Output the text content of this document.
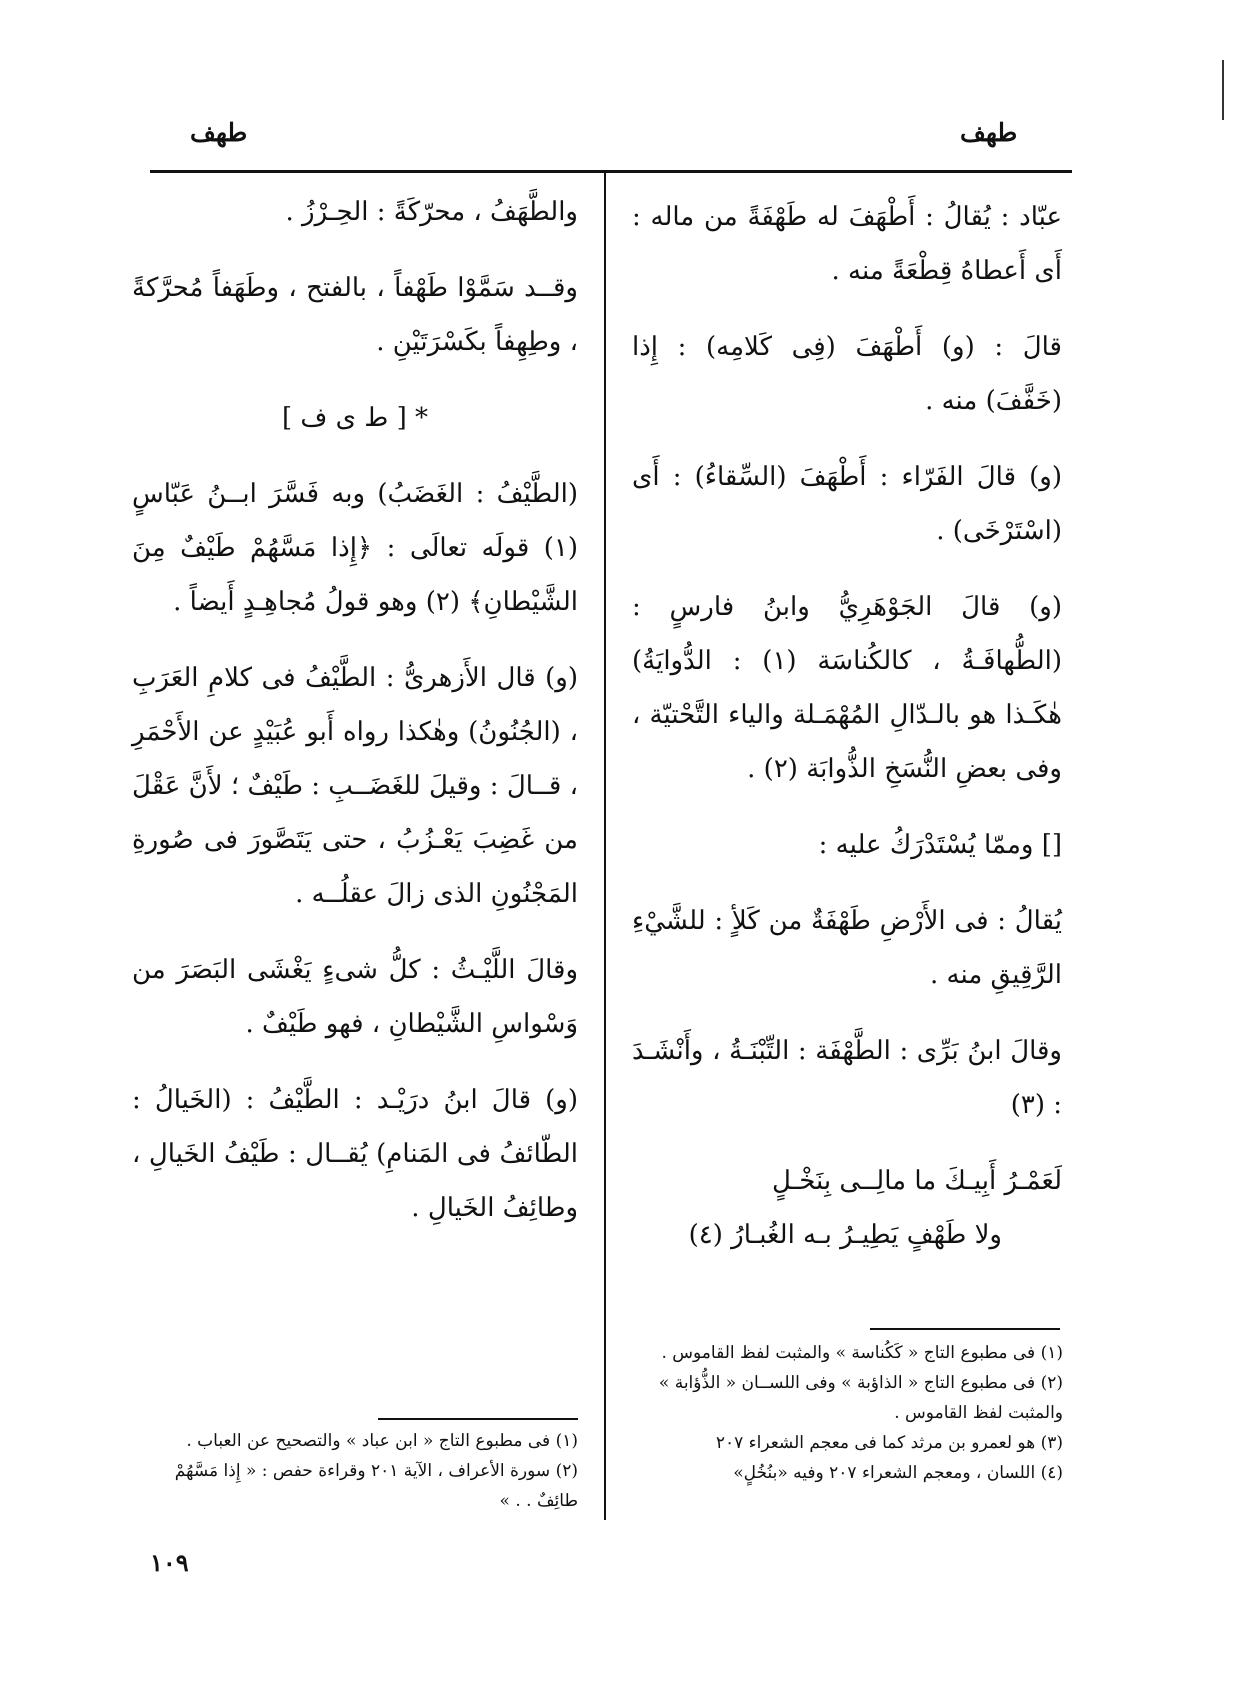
طهف
طهف

عبّاد : يُقالُ : أَطْهَفَ له طَهْفَةً من ماله : أَى أَعطاهُ قِطْعَةً منه .

قالَ : (و) أَطْهَفَ (فِى كَلامِه) : إِذا (خَفَّفَ) منه .

(و) قالَ الفَرّاء : أَطْهَفَ (السِّقاءُ) : أَى (اسْتَرْخَى) .

(و) قالَ الجَوْهَرِيُّ وابنُ فارسٍ : (الطُّهافَـةُ ، كالكُناسَة (١) : الدُّوايَةُ) هٰكَـذا هو بالـدّالِ المُهْمَـلة والياء التَّحْتيّة ، وفى بعضِ النُّسَخِ الذُّوابَة (٢) .

[] وممّا يُسْتَدْرَكُ عليه :

يُقالُ : فى الأَرْضِ طَهْفَةٌ من كَلأٍ : للشَّيْءِ الرَّقِيقِ منه .

وقالَ ابنُ بَرِّى : الطَّهْفَة : التِّبْنَـةُ ، وأَنْشَـدَ : (٣)

لَعَمْـرُ أَبِيـكَ ما مالِــى بِنَخْـلٍ
ولا طَهْفٍ يَطِيـرُ بـه الغُبـارُ (٤)
(١) فى مطبوع التاج « كَكُناسة » والمثبت لفظ القاموس .
(٢) فى مطبوع التاج « الذاؤبة » وفى اللســان « الذُّؤابة » والمثبت لفظ القاموس .
(٣) هو لعمرو بن مرثد كما فى معجم الشعراء ٢٠٧
(٤) اللسان ، ومعجم الشعراء ٢٠٧ وفيه «بنُخُلٍ»

والطَّهَفُ ، محرّكَةً : الحِـرْزُ .

وقــد سَمَّوْا طَهْفاً ، بالفتح ، وطَهَفاً مُحرَّكةً ، وطِهِفاً بكَسْرَتَيْنِ .

* [ ط ى ف ]

(الطَّيْفُ : الغَضَبُ) وبه فَسَّرَ ابــنُ عَبّاسٍ (١) قولَه تعالَى : ﴿إِذا مَسَّهُمْ طَيْفٌ مِنَ الشَّيْطانِ﴾ (٢) وهو قولُ مُجاهِـدٍ أَيضاً .

(و) قال الأَزهرىُّ : الطَّيْفُ فى كلامِ العَرَبِ ، (الجُنُونُ) وهٰكذا رواه أَبو عُبَيْدٍ عن الأَحْمَرِ ، قــالَ : وقيلَ للغَضَــبِ : طَيْفٌ ؛ لأَنَّ عَقْلَ من غَضِبَ يَعْـزُبُ ، حتى يَتَصَّورَ فى صُورةِ المَجْنُونِ الذى زالَ عقلُــه .

وقالَ اللَّيْـثُ : كلُّ شىءٍ يَغْشَى البَصَرَ من وَسْواسِ الشَّيْطانِ ، فهو طَيْفٌ .

(و) قالَ ابنُ درَيْـد : الطَّيْفُ : (الخَيالُ : الطّائفُ فى المَنامِ) يُقــال : طَيْفُ الخَيالِ ، وطائِفُ الخَيالِ .

(١) فى مطبوع التاج « ابن عباد » والتصحيح عن العباب .
(٢) سورة الأعراف ، الآية ٢٠١ وقراءة حفص : « إِذا مَسَّهُمْ طائِفٌ . . »
١٠٩
